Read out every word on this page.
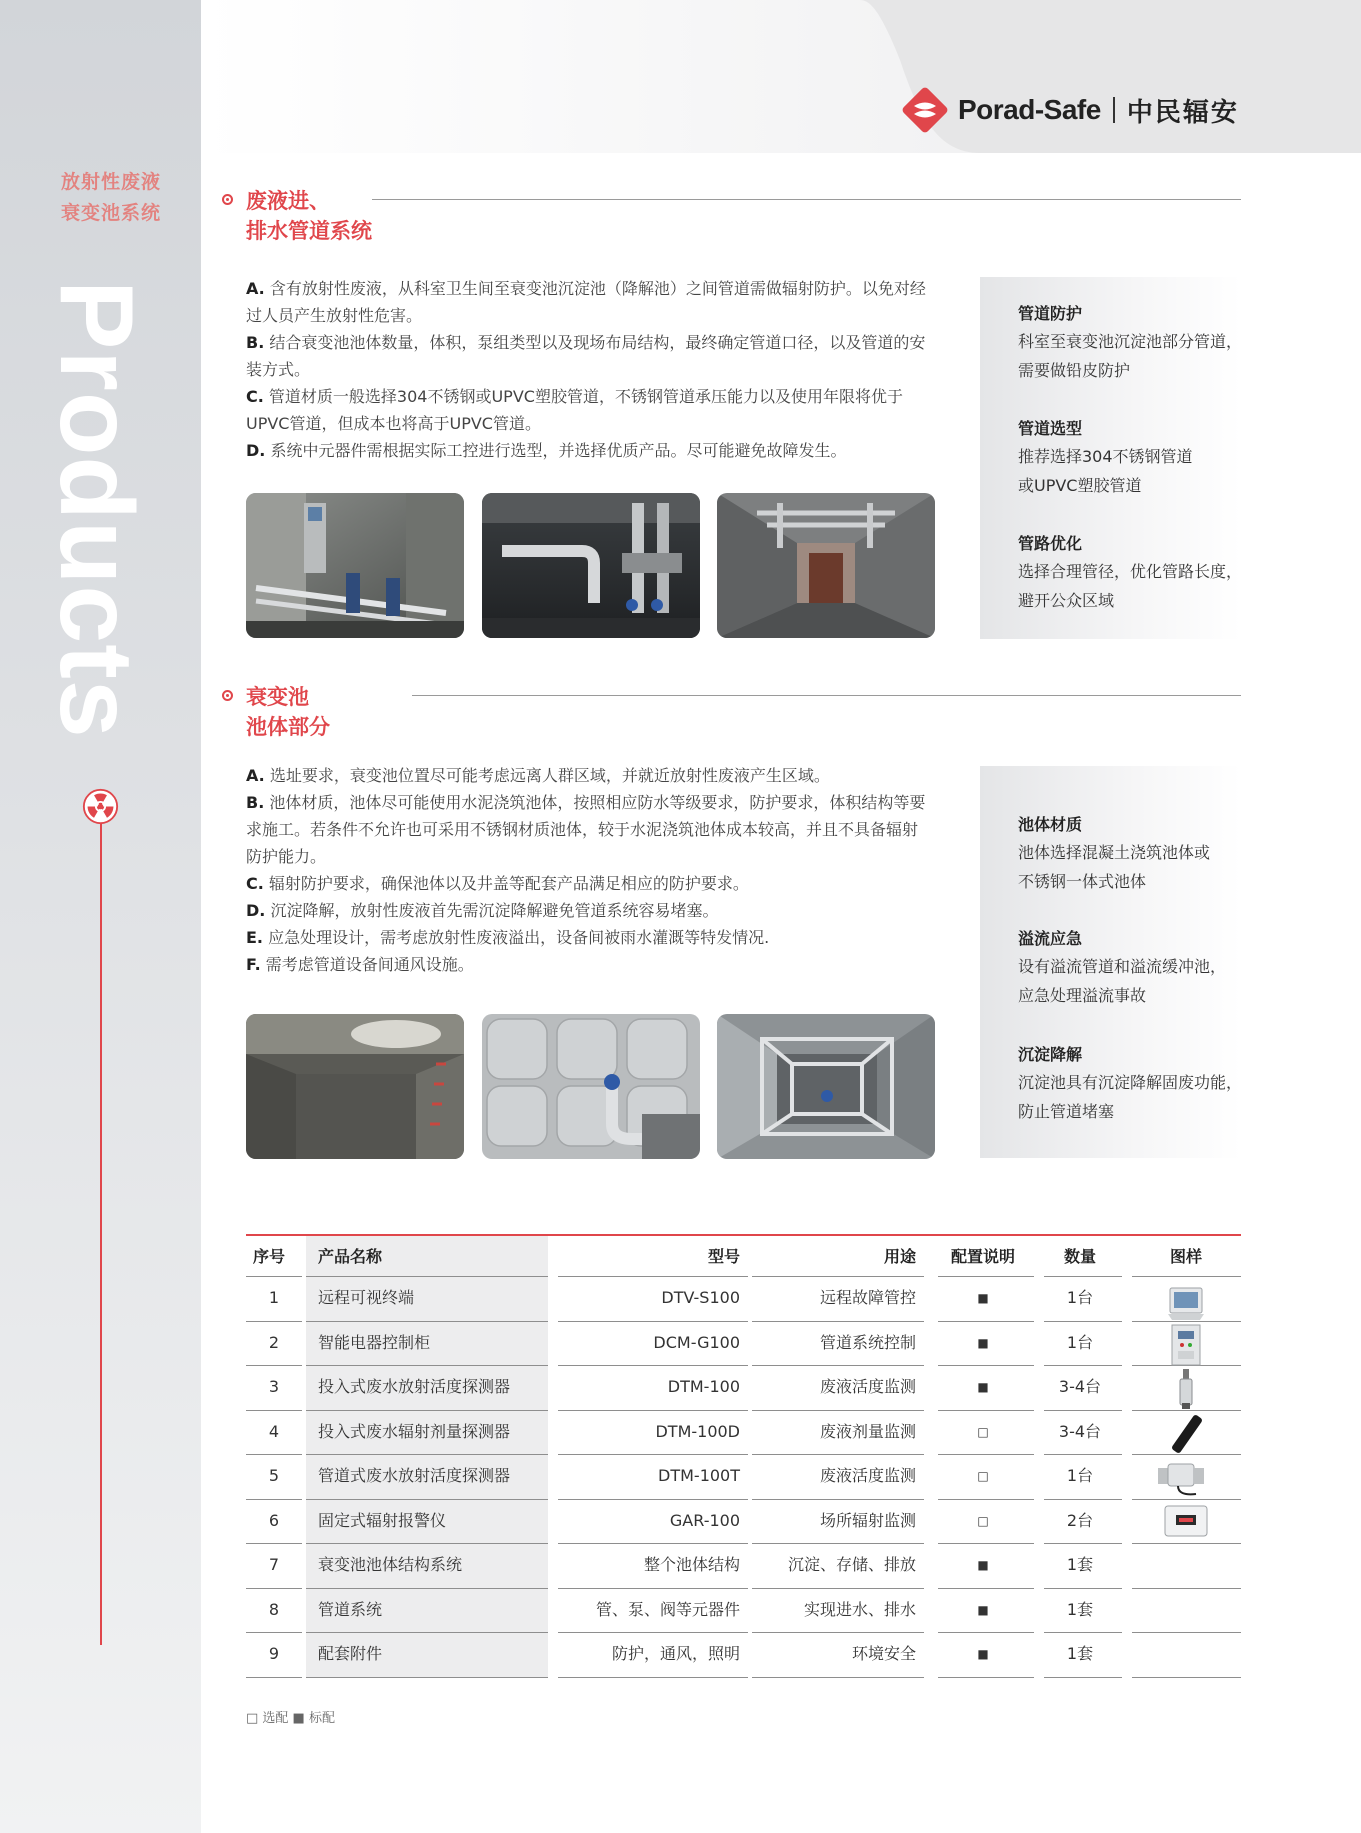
放射性废液
衰变池系统
Products
Porad-Safe 中民辐安
废液进、
排水管道系统

A. 含有放射性废液，从科室卫生间至衰变池沉淀池（降解池）之间管道需做辐射防护。以免对经过人员产生放射性危害。

B. 结合衰变池池体数量，体积，泵组类型以及现场布局结构，最终确定管道口径，以及管道的安装方式。

C. 管道材质一般选择304不锈钢或UPVC塑胶管道，不锈钢管道承压能力以及使用年限将优于UPVC管道，但成本也将高于UPVC管道。

D. 系统中元器件需根据实际工控进行选型，并选择优质产品。尽可能避免故障发生。

管道防护
科室至衰变池沉淀池部分管道，
需要做铅皮防护
管道选型
推荐选择304不锈钢管道
或UPVC塑胶管道
管路优化
选择合理管径，优化管路长度，
避开公众区域
衰变池
池体部分

A. 选址要求，衰变池位置尽可能考虑远离人群区域，并就近放射性废液产生区域。

B. 池体材质，池体尽可能使用水泥浇筑池体，按照相应防水等级要求，防护要求，体积结构等要求施工。若条件不允许也可采用不锈钢材质池体，较于水泥浇筑池体成本较高，并且不具备辐射防护能力。

C. 辐射防护要求，确保池体以及井盖等配套产品满足相应的防护要求。

D. 沉淀降解，放射性废液首先需沉淀降解避免管道系统容易堵塞。

E. 应急处理设计，需考虑放射性废液溢出，设备间被雨水灌溉等特发情况.

F. 需考虑管道设备间通风设施。

池体材质
池体选择混凝土浇筑池体或
不锈钢一体式池体
溢流应急
设有溢流管道和溢流缓冲池，
应急处理溢流事故
沉淀降解
沉淀池具有沉淀降解固废功能，
防止管道堵塞
序号 产品名称	型号	用途	配置说明	数量	图样
1	远程可视终端	DTV-S100	远程故障管控	■	1台
2	智能电器控制柜	DCM-G100	管道系统控制	■	1台
3	投入式废水放射活度探测器	DTM-100	废液活度监测	■	3-4台
4	投入式废水辐射剂量探测器	DTM-100D	废液剂量监测	□	3-4台
5	管道式废水放射活度探测器	DTM-100T	废液活度监测	□	1台
6	固定式辐射报警仪	GAR-100	场所辐射监测	□	2台
7	衰变池池体结构系统	整个池体结构	沉淀、存储、排放	■	1套
8	管道系统	管、泵、阀等元器件	实现进水、排水	■	1套
9	配套附件	防护，通风，照明	环境安全	■	1套
□ 选配 ■ 标配
